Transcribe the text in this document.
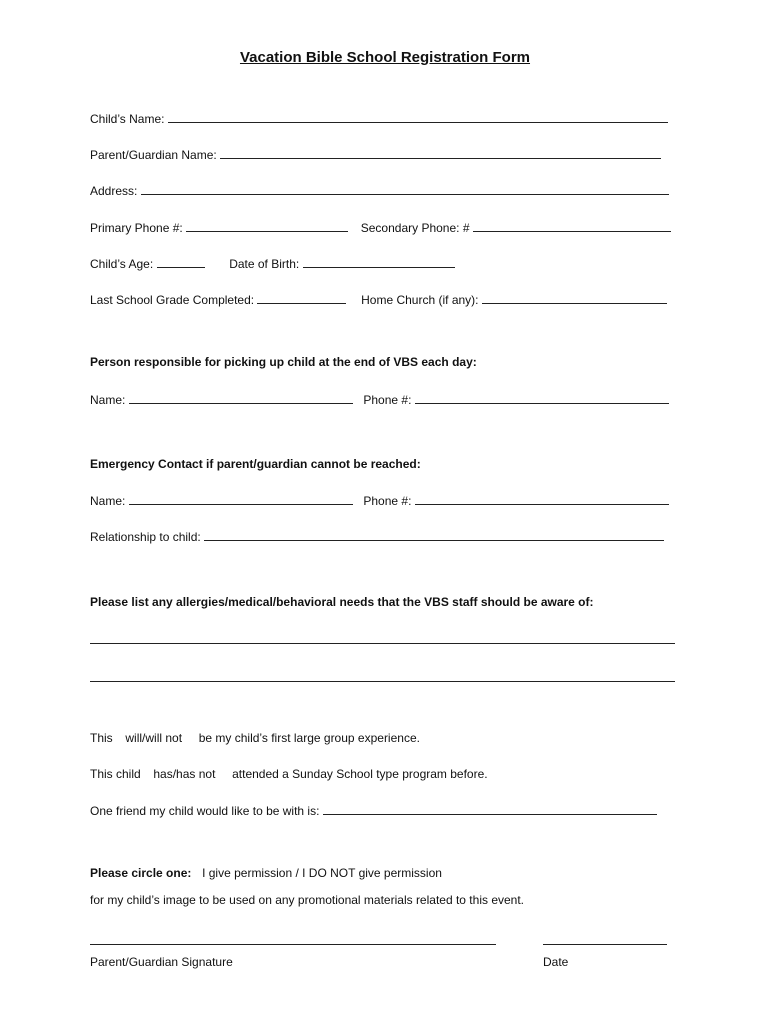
Vacation Bible School Registration Form
Child’s Name:
Parent/Guardian Name:
Address:
Primary Phone #:	Secondary Phone: #
Child’s Age:	Date of Birth:
Last School Grade Completed:	Home Church (if any):
Person responsible for picking up child at the end of VBS each day:
Name:	Phone #:
Emergency Contact if parent/guardian cannot be reached:
Name:	Phone #:
Relationship to child:
Please list any allergies/medical/behavioral needs that the VBS staff should be aware of:
This will/will not be my child’s first large group experience.
This child has/has not attended a Sunday School type program before.
One friend my child would like to be with is:
Please circle one: I give permission / I DO NOT give permission
for my child’s image to be used on any promotional materials related to this event.
Parent/Guardian Signature	Date
